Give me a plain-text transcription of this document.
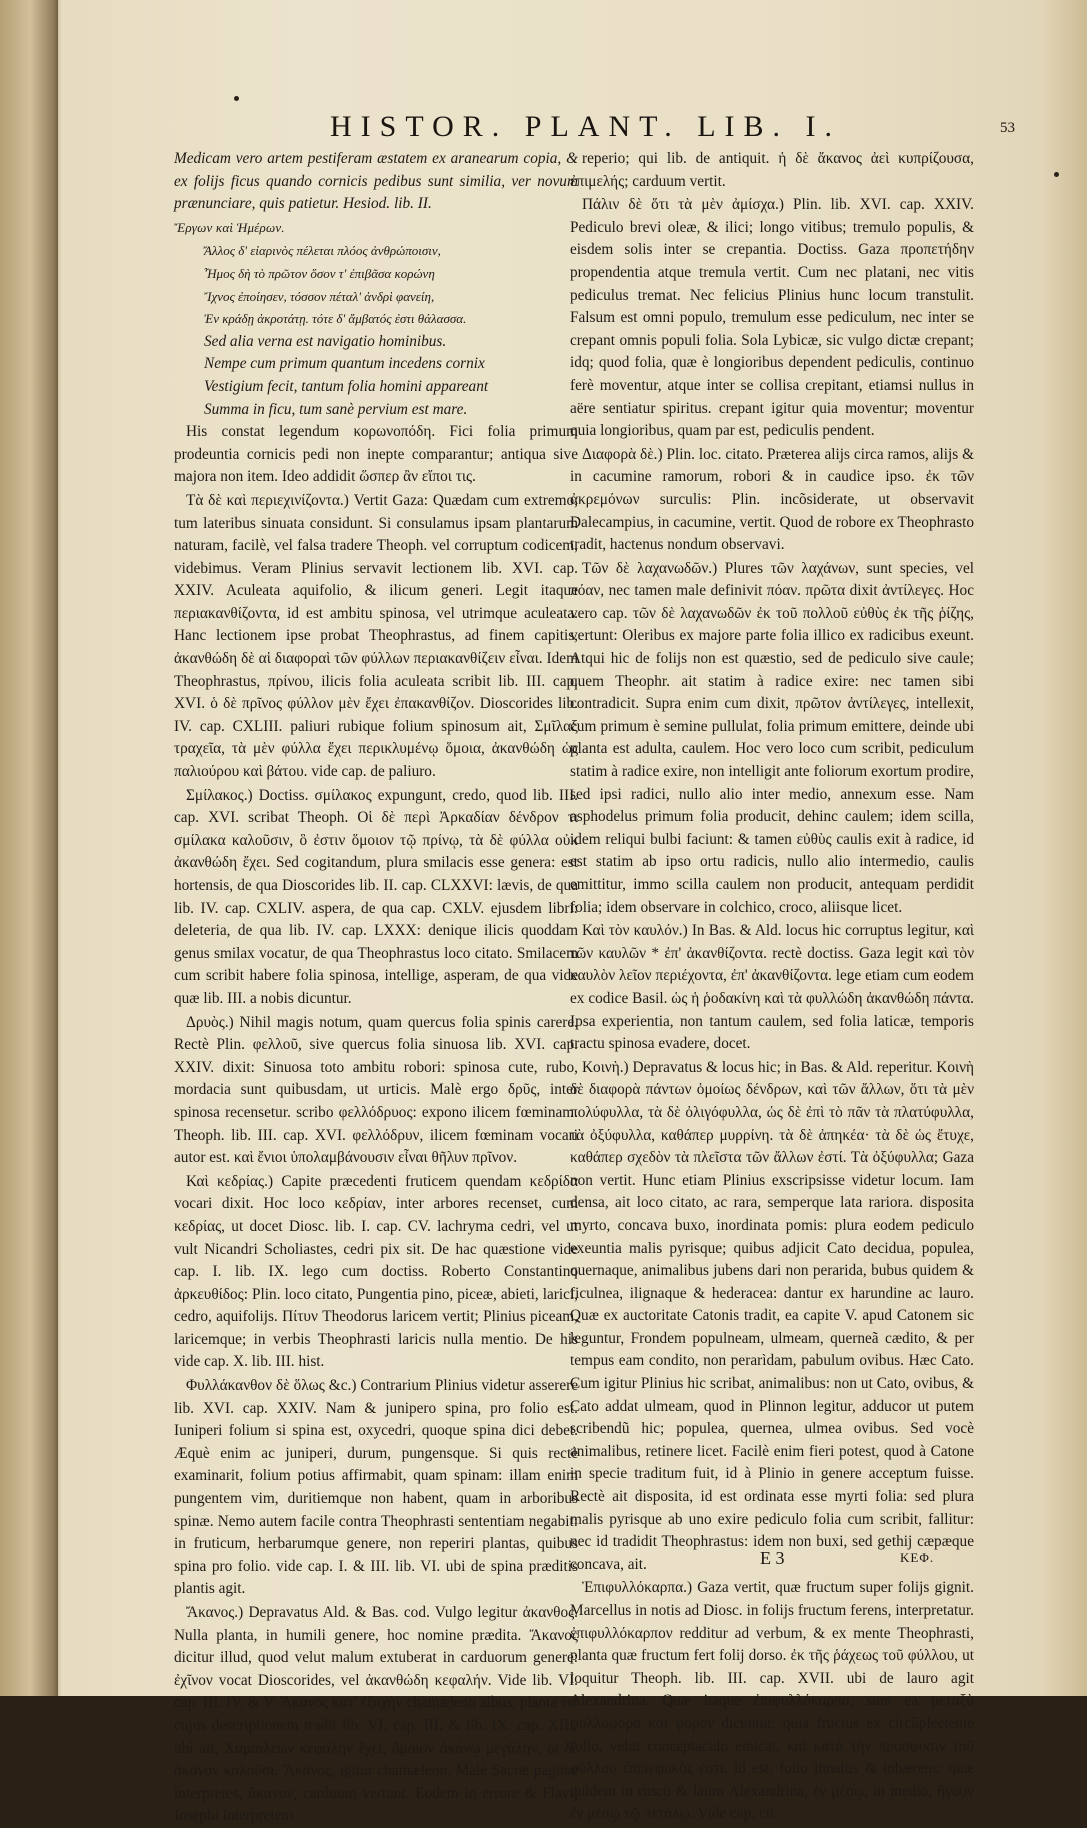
HISTOR. PLANT. LIB. I.	53

Medicam vero artem pestiferam æstatem ex aranearum copia, & ex folijs ficus quando cornicis pedibus sunt similia, ver novum prænunciare, quis patietur. Hesiod. lib. II.

Ἔργων καὶ Ἡμέρων.

Ἄλλος δ' εἰαρινὸς πέλεται πλόος ἀνθρώποισιν,

Ἦμος δὴ τὸ πρῶτον ὅσον τ' ἐπιβᾶσα κορώνη

Ἴχνος ἐποίησεν, τόσσον πέταλ' ἀνδρὶ φανείη,

Ἐν κράδῃ ἀκροτάτῃ. τότε δ' ἄμβατός ἐστι θάλασσα.

Sed alia verna est navigatio hominibus.

Nempe cum primum quantum incedens cornix

Vestigium fecit, tantum folia homini appareant

Summa in ficu, tum sanè pervium est mare.

His constat legendum κορωνοπόδη. Fici folia primum prodeuntia cornicis pedi non inepte comparantur; antiqua sive majora non item. Ideo addidit ὥσπερ ἂν εἴποι τις.

Τὰ δὲ καὶ περιεχινίζοντα.) Vertit Gaza: Quædam cum extremo, tum lateribus sinuata considunt. Si consulamus ipsam plantarum naturam, facilè, vel falsa tradere Theoph. vel corruptum codicem, videbimus. Veram Plinius servavit lectionem lib. XVI. cap. XXIV. Aculeata aquifolio, & ilicum generi. Legit itaque περιακανθίζοντα, id est ambitu spinosa, vel utrimque aculeata. Hanc lectionem ipse probat Theophrastus, ad finem capitis, ἀκανθώδη δὲ αἱ διαφοραὶ τῶν φύλλων περιακανθίζειν εἶναι. Idem Theophrastus, πρίνου, ilicis folia aculeata scribit lib. III. cap. XVI. ὁ δὲ πρῖνος φύλλον μὲν ἔχει ἐπακανθίζον. Dioscorides lib. IV. cap. CXLIII. paliuri rubique folium spinosum ait, Σμῖλαξ τραχεῖα, τὰ μὲν φύλλα ἔχει περικλυμένῳ ὅμοια, ἀκανθώδη ὡς παλιούρου καὶ βάτου. vide cap. de paliuro.

Σμίλακος.) Doctiss. σμίλακος expungunt, credo, quod lib. III. cap. XVI. scribat Theoph. Οἱ δὲ περὶ Ἀρκαδίαν δένδρον τι σμίλακα καλοῦσιν, ὃ ἐστιν ὅμοιον τῷ πρίνῳ, τὰ δὲ φύλλα οὐκ ἀκανθώδη ἔχει. Sed cogitandum, plura smilacis esse genera: est hortensis, de qua Dioscorides lib. II. cap. CLXXVI: lævis, de qua lib. IV. cap. CXLIV. aspera, de qua cap. CXLV. ejusdem libri: deleteria, de qua lib. IV. cap. LXXX: denique ilicis quoddam genus smilax vocatur, de qua Theophrastus loco citato. Smilacem cum scribit habere folia spinosa, intellige, asperam, de qua vide quæ lib. III. a nobis dicuntur.

Δρυὸς.) Nihil magis notum, quam quercus folia spinis carere. Rectè Plin. φελλοῦ, sive quercus folia sinuosa lib. XVI. cap. XXIV. dixit: Sinuosa toto ambitu robori: spinosa cute, rubo, mordacia sunt quibusdam, ut urticis. Malè ergo δρῦς, inter spinosa recensetur. scribo φελλόδρυος: expono ilicem fœminam. Theoph. lib. III. cap. XVI. φελλόδρυν, ilicem fœminam vocari autor est. καὶ ἔνιοι ὑπολαμβάνουσιν εἶναι θῆλυν πρῖνον.

Καὶ κεδρίας.) Capite præcedenti fruticem quendam κεδρίδα vocari dixit. Hoc loco κεδρίαν, inter arbores recenset, cum κεδρίας, ut docet Diosc. lib. I. cap. CV. lachryma cedri, vel ut vult Nicandri Scholiastes, cedri pix sit. De hac quæstione vide cap. I. lib. IX. lego cum doctiss. Roberto Constantino ἀρκευθίδος: Plin. loco citato, Pungentia pino, piceæ, abieti, larici, cedro, aquifolijs. Πίτυν Theodorus laricem vertit; Plinius piceam, laricemque; in verbis Theophrasti laricis nulla mentio. De his vide cap. X. lib. III. hist.

Φυλλάκανθον δὲ ὅλως &c.) Contrarium Plinius videtur asserere lib. XVI. cap. XXIV. Nam & junipero spina, pro folio est. Iuniperi folium si spina est, oxycedri, quoque spina dici debet. Æquè enim ac juniperi, durum, pungensque. Si quis rectè examinarit, folium potius affirmabit, quam spinam: illam enim pungentem vim, duritiemque non habent, quam in arboribus spinæ. Nemo autem facile contra Theophrasti sententiam negabit: in fruticum, herbarumque genere, non reperiri plantas, quibus spina pro folio. vide cap. I. & III. lib. VI. ubi de spina præditis plantis agit.

Ἄκανος.) Depravatus Ald. & Bas. cod. Vulgo legitur ἀκανθος. Nulla planta, in humili genere, hoc nomine prædita. Ἄκανος dicitur illud, quod velut malum extuberat in carduorum genere: ἐχῖνον vocat Dioscorides, vel ἀκανθώδη κεφαλήν. Vide lib. VI. cap. III. IV. & V. Ἄκανος κατ' ἐξοχὴν chamæleon albus, planta est cujus descriptionem tradit lib. VI. cap. III. & lib. IX. cap. XIII. ubi ait, Χαμαιλέων κεφαλὴν ἔχει, ὅμοιον ἀκάνῳ μεγάλην, οἱ δὲ ἀκανον καλοῦσι. Ἄκανος, igitur chamæleon. Malè Sacræ paginæ interpretes, ἄκανον, carduum vertunt. Eodem in errore & Flavij Iosephi interpretem

reperio; qui lib. de antiquit. ἡ δὲ ἄκανος ἀεὶ κυπρίζουσα, ἐπιμελής; carduum vertit.

Πάλιν δὲ ὅτι τὰ μὲν ἀμίσχα.) Plin. lib. XVI. cap. XXIV. Pediculo brevi oleæ, & ilici; longo vitibus; tremulo populis, & eisdem solis inter se crepantia. Doctiss. Gaza προπετήδην propendentia atque tremula vertit. Cum nec platani, nec vitis pediculus tremat. Nec felicius Plinius hunc locum transtulit. Falsum est omni populo, tremulum esse pediculum, nec inter se crepant omnis populi folia. Sola Lybicæ, sic vulgo dictæ crepant; idq; quod folia, quæ è longioribus dependent pediculis, continuo ferè moventur, atque inter se collisa crepitant, etiamsi nullus in aëre sentiatur spiritus. crepant igitur quia moventur; moventur quia longioribus, quam par est, pediculis pendent.

Διαφορὰ δὲ.) Plin. loc. citato. Præterea alijs circa ramos, alijs & in cacumine ramorum, robori & in caudice ipso. ἐκ τῶν ἀκρεμόνων surculis: Plin. incõsiderate, ut observavit Dalecampius, in cacumine, vertit. Quod de robore ex Theophrasto tradit, hactenus nondum observavi.

Τῶν δὲ λαχανωδῶν.) Plures τῶν λαχάνων, sunt species, vel πόαν, nec tamen male definivit πόαν. πρῶτα dixit ἀντίλεγες. Hoc vero cap. τῶν δὲ λαχανωδῶν ἐκ τοῦ πολλοῦ εὐθὺς ἐκ τῆς ῥίζης, vertunt: Oleribus ex majore parte folia illico ex radicibus exeunt. Atqui hic de folijs non est quæstio, sed de pediculo sive caule; quem Theophr. ait statim à radice exire: nec tamen sibi contradicit. Supra enim cum dixit, πρῶτον ἀντίλεγες, intellexit, cum primum è semine pullulat, folia primum emittere, deinde ubi planta est adulta, caulem. Hoc vero loco cum scribit, pediculum statim à radice exire, non intelligit ante foliorum exortum prodire, sed ipsi radici, nullo alio inter medio, annexum esse. Nam asphodelus primum folia producit, dehinc caulem; idem scilla, idem reliqui bulbi faciunt: & tamen εὐθὺς caulis exit à radice, id est statim ab ipso ortu radicis, nullo alio intermedio, caulis emittitur, immo scilla caulem non producit, antequam perdidit folia; idem observare in colchico, croco, aliisque licet.

Καὶ τὸν καυλόν.) In Bas. & Ald. locus hic corruptus legitur, καὶ τῶν καυλῶν * ἐπ' ἀκανθίζοντα. rectè doctiss. Gaza legit καὶ τὸν καυλὸν λεῖον περιέχοντα, ἐπ' ἀκανθίζοντα. lege etiam cum eodem ex codice Basil. ὡς ἡ ῥοδακίνη καὶ τὰ φυλλώδη ἀκανθώδη πάντα. Ipsa experientia, non tantum caulem, sed folia laticæ, temporis tractu spinosa evadere, docet.

Κοινὴ.) Depravatus & locus hic; in Bas. & Ald. reperitur. Κοινὴ δὲ διαφορὰ πάντων ὁμοίως δένδρων, καὶ τῶν ἄλλων, ὅτι τὰ μὲν πολύφυλλα, τὰ δὲ ὀλιγόφυλλα, ὡς δὲ ἐπὶ τὸ πᾶν τὰ πλατύφυλλα, τὰ ὀξύφυλλα, καθάπερ μυρρίνη. τὰ δὲ ἀπηκέα· τὰ δὲ ὡς ἔτυχε, καθάπερ σχεδὸν τὰ πλεῖστα τῶν ἄλλων ἐστί. Τὰ ὀξύφυλλα; Gaza non vertit. Hunc etiam Plinius exscripsisse videtur locum. Iam densa, ait loco citato, ac rara, semperque lata rariora. disposita myrto, concava buxo, inordinata pomis: plura eodem pediculo exeuntia malis pyrisque; quibus adjicit Cato decidua, populea, quernaque, animalibus jubens dari non perarida, bubus quidem & ficulnea, ilignaque & hederacea: dantur ex harundine ac lauro. Quæ ex auctoritate Catonis tradit, ea capite V. apud Catonem sic leguntur, Frondem populneam, ulmeam, querneã cædito, & per tempus eam condito, non perarìdam, pabulum ovibus. Hæc Cato. Cum igitur Plinius hic scribat, animalibus: non ut Cato, ovibus, & Cato addat ulmeam, quod in Plinnon legitur, adducor ut putem scribendũ hic; populea, quernea, ulmea ovibus. Sed vocè animalibus, retinere licet. Facilè enim fieri potest, quod à Catone in specie traditum fuit, id à Plinio in genere acceptum fuisse. Rectè ait disposita, id est ordinata esse myrti folia: sed plura malis pyrisque ab uno exire pediculo folia cum scribit, fallitur: nec id tradidit Theophrastus: idem non buxi, sed gethij cæpæque concava, ait.

Ἐπιφυλλόκαρπα.) Gaza vertit, quæ fructum super folijs gignit. Marcellus in notis ad Diosc. in folijs fructum ferens, interpretatur. ἐπιφυλλόκαρπον redditur ad verbum, & ex mente Theophrasti, planta quæ fructum fert folij dorso. ἐκ τῆς ῥάχεως τοῦ φύλλου, ut loquitur Theoph. lib. III. cap. XVII. ubi de lauro agit Alexandrina. Quæ itaque ἐπιφυλλόκαρπα, sunt ea μεταξὺ φυλλοφόρα καὶ φυρον dicuntur, quia fructus ex circũplectente folio, velut conceptaculo emicat, καὶ κατὰ τὴν προσφυσιν τοῦ φύλλου ἐπιπεφυκὸς ἐστι. id est, folio innatus & inhærens: quæ quidem in rusco & lauro Alexandrina, ἐν μέσῳ, in medio, ἤγουν ἐν μέσῳ τῷ πετάλῳ. Vide cap. cit.

E 3	ΚΕΦ.
